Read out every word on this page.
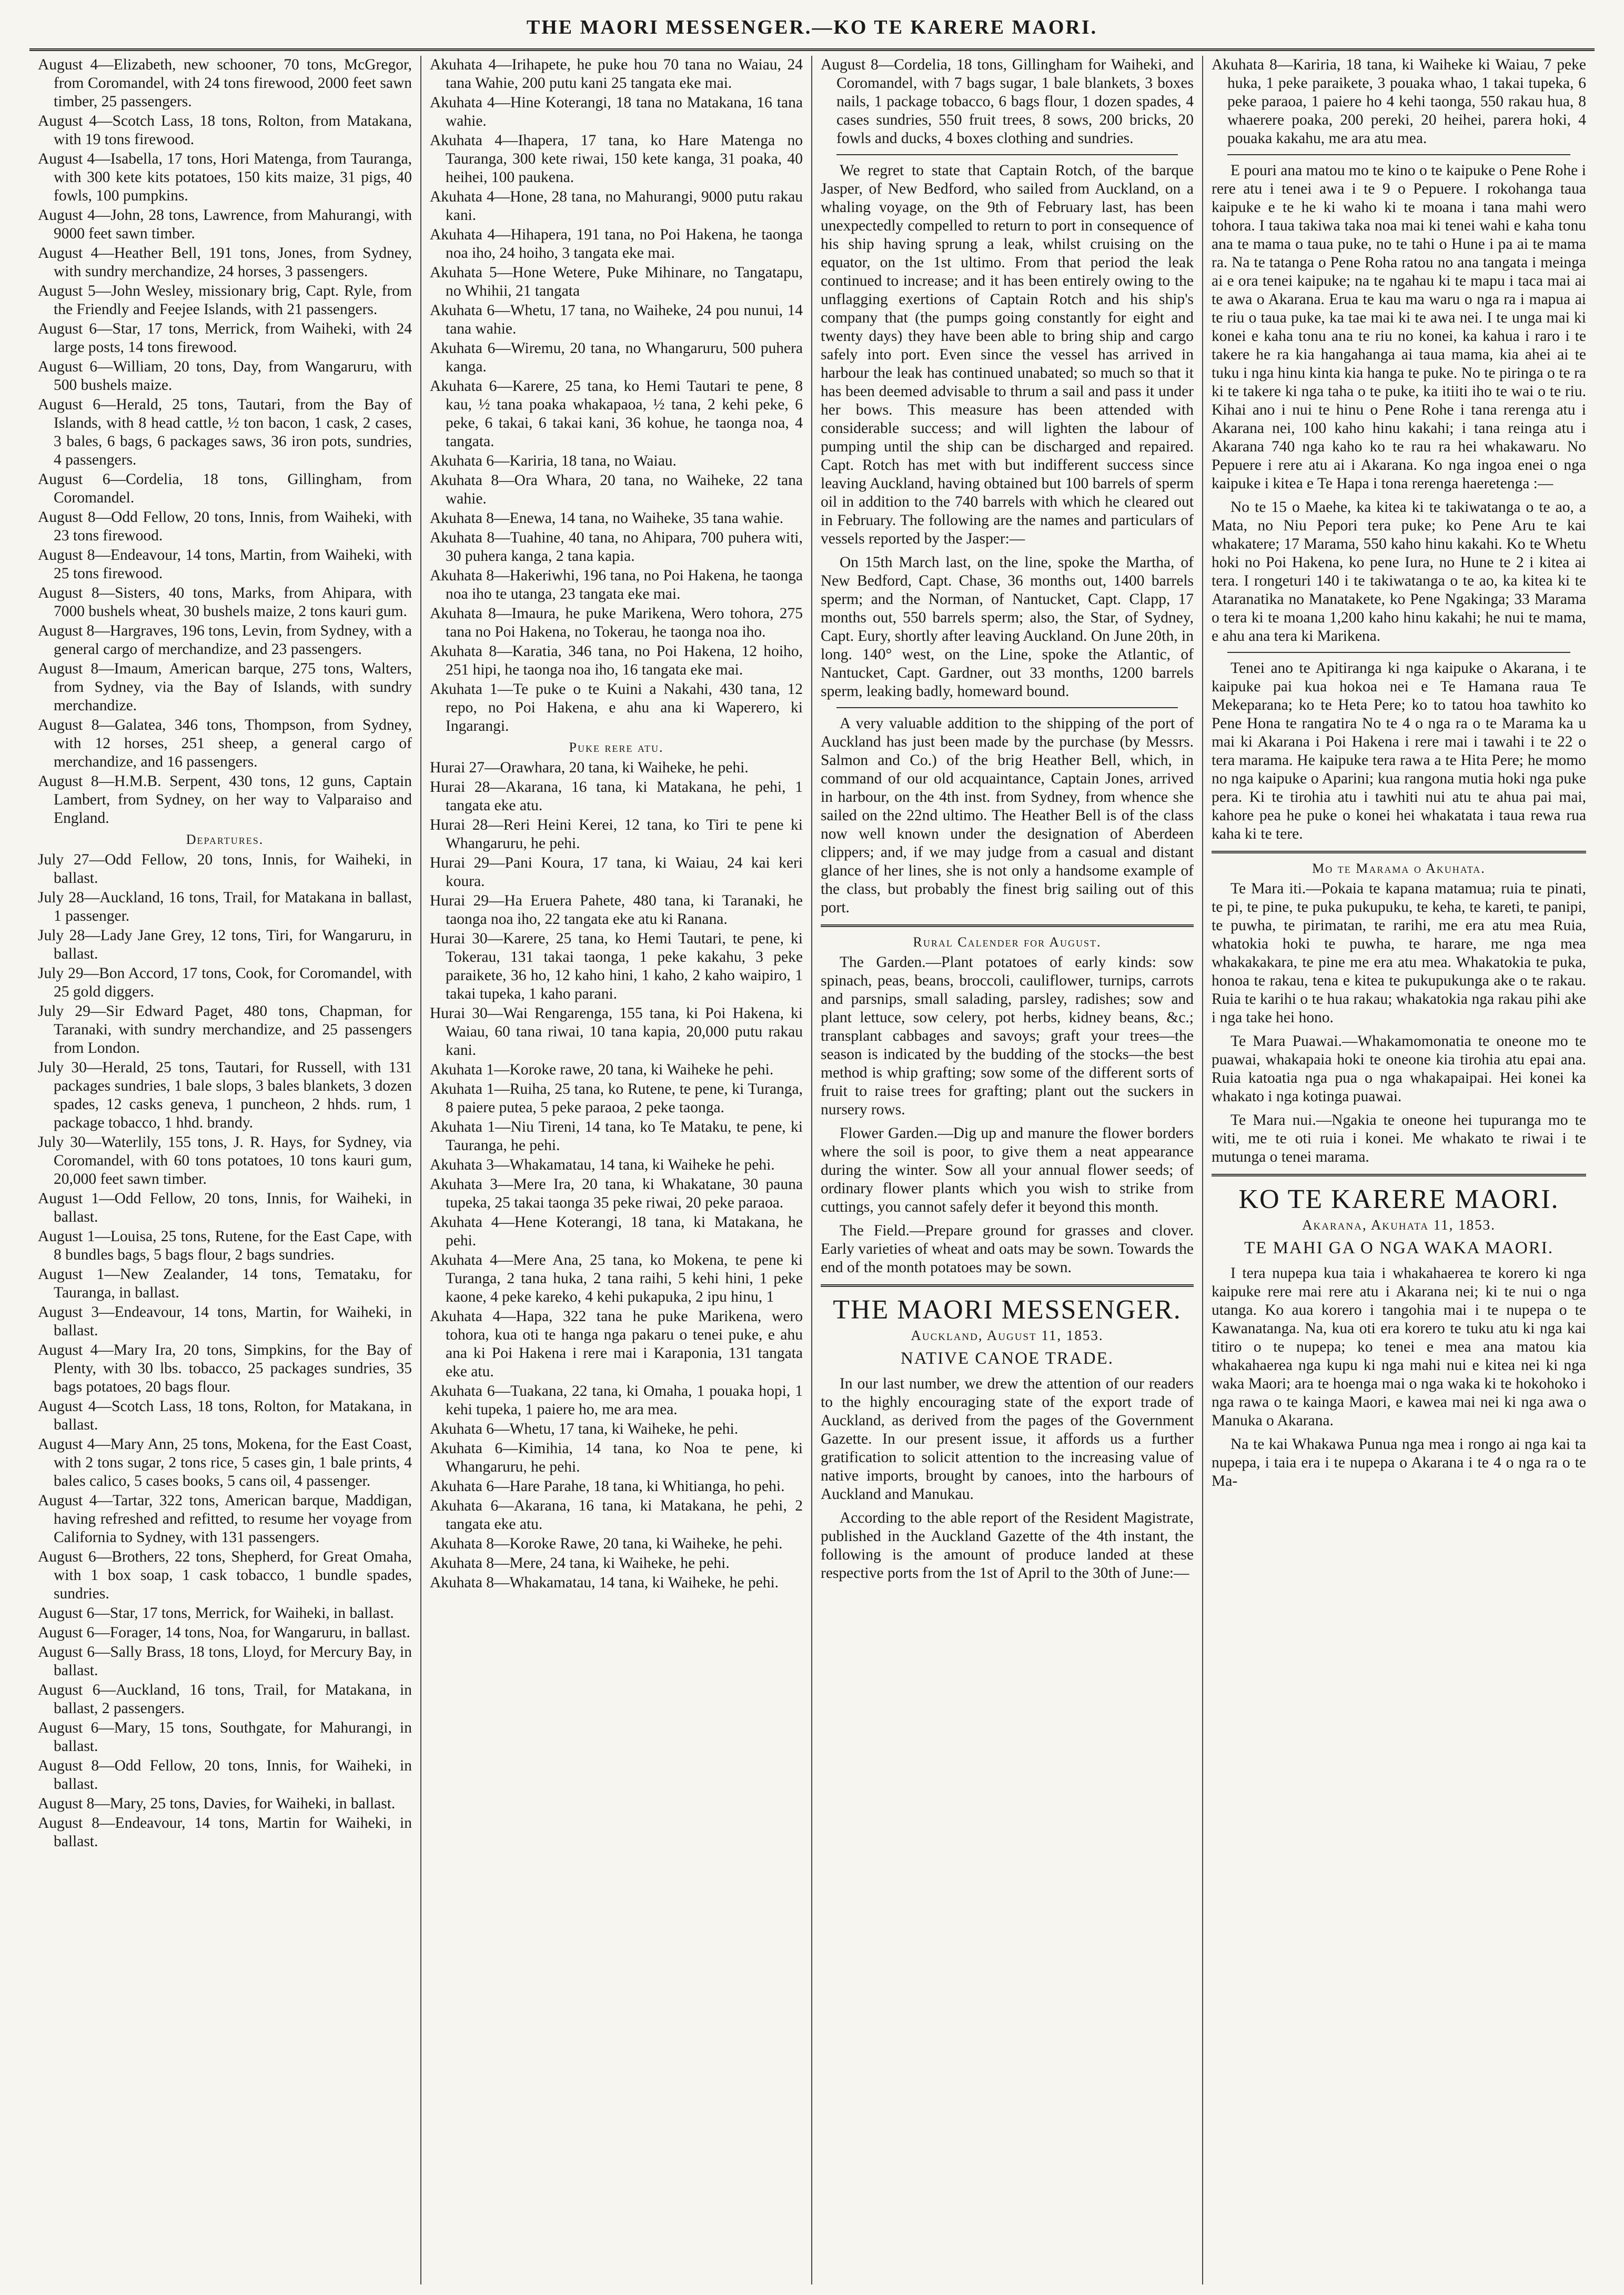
THE MAORI MESSENGER.—KO TE KARERE MAORI.

August 4—Elizabeth, new schooner, 70 tons, McGregor, from Coromandel, with 24 tons firewood, 2000 feet sawn timber, 25 passengers.

August 4—Scotch Lass, 18 tons, Rolton, from Matakana, with 19 tons firewood.

August 4—Isabella, 17 tons, Hori Matenga, from Tauranga, with 300 kete kits potatoes, 150 kits maize, 31 pigs, 40 fowls, 100 pumpkins.

August 4—John, 28 tons, Lawrence, from Mahurangi, with 9000 feet sawn timber.

August 4—Heather Bell, 191 tons, Jones, from Sydney, with sundry merchandize, 24 horses, 3 passengers.

August 5—John Wesley, missionary brig, Capt. Ryle, from the Friendly and Feejee Islands, with 21 passengers.

August 6—Star, 17 tons, Merrick, from Waiheki, with 24 large posts, 14 tons firewood.

August 6—William, 20 tons, Day, from Wangaruru, with 500 bushels maize.

August 6—Herald, 25 tons, Tautari, from the Bay of Islands, with 8 head cattle, ½ ton bacon, 1 cask, 2 cases, 3 bales, 6 bags, 6 packages saws, 36 iron pots, sundries, 4 passengers.

August 6—Cordelia, 18 tons, Gillingham, from Coromandel.

August 8—Odd Fellow, 20 tons, Innis, from Waiheki, with 23 tons firewood.

August 8—Endeavour, 14 tons, Martin, from Waiheki, with 25 tons firewood.

August 8—Sisters, 40 tons, Marks, from Ahipara, with 7000 bushels wheat, 30 bushels maize, 2 tons kauri gum.

August 8—Hargraves, 196 tons, Levin, from Sydney, with a general cargo of merchandize, and 23 passengers.

August 8—Imaum, American barque, 275 tons, Walters, from Sydney, via the Bay of Islands, with sundry merchandize.

August 8—Galatea, 346 tons, Thompson, from Sydney, with 12 horses, 251 sheep, a general cargo of merchandize, and 16 passengers.

August 8—H.M.B. Serpent, 430 tons, 12 guns, Captain Lambert, from Sydney, on her way to Valparaiso and England.

Departures.

July 27—Odd Fellow, 20 tons, Innis, for Waiheki, in ballast.

July 28—Auckland, 16 tons, Trail, for Matakana in ballast, 1 passenger.

July 28—Lady Jane Grey, 12 tons, Tiri, for Wangaruru, in ballast.

July 29—Bon Accord, 17 tons, Cook, for Coromandel, with 25 gold diggers.

July 29—Sir Edward Paget, 480 tons, Chapman, for Taranaki, with sundry merchandize, and 25 passengers from London.

July 30—Herald, 25 tons, Tautari, for Russell, with 131 packages sundries, 1 bale slops, 3 bales blankets, 3 dozen spades, 12 casks geneva, 1 puncheon, 2 hhds. rum, 1 package tobacco, 1 hhd. brandy.

July 30—Waterlily, 155 tons, J. R. Hays, for Sydney, via Coromandel, with 60 tons potatoes, 10 tons kauri gum, 20,000 feet sawn timber.

August 1—Odd Fellow, 20 tons, Innis, for Waiheki, in ballast.

August 1—Louisa, 25 tons, Rutene, for the East Cape, with 8 bundles bags, 5 bags flour, 2 bags sundries.

August 1—New Zealander, 14 tons, Temataku, for Tauranga, in ballast.

August 3—Endeavour, 14 tons, Martin, for Waiheki, in ballast.

August 4—Mary Ira, 20 tons, Simpkins, for the Bay of Plenty, with 30 lbs. tobacco, 25 packages sundries, 35 bags potatoes, 20 bags flour.

August 4—Scotch Lass, 18 tons, Rolton, for Matakana, in ballast.

August 4—Mary Ann, 25 tons, Mokena, for the East Coast, with 2 tons sugar, 2 tons rice, 5 cases gin, 1 bale prints, 4 bales calico, 5 cases books, 5 cans oil, 4 passenger.

August 4—Tartar, 322 tons, American barque, Maddigan, having refreshed and refitted, to resume her voyage from California to Sydney, with 131 passengers.

August 6—Brothers, 22 tons, Shepherd, for Great Omaha, with 1 box soap, 1 cask tobacco, 1 bundle spades, sundries.

August 6—Star, 17 tons, Merrick, for Waiheki, in ballast.

August 6—Forager, 14 tons, Noa, for Wangaruru, in ballast.

August 6—Sally Brass, 18 tons, Lloyd, for Mercury Bay, in ballast.

August 6—Auckland, 16 tons, Trail, for Matakana, in ballast, 2 passengers.

August 6—Mary, 15 tons, Southgate, for Mahurangi, in ballast.

August 8—Odd Fellow, 20 tons, Innis, for Waiheki, in ballast.

August 8—Mary, 25 tons, Davies, for Waiheki, in ballast.

August 8—Endeavour, 14 tons, Martin for Waiheki, in ballast.

Akuhata 4—Irihapete, he puke hou 70 tana no Waiau, 24 tana Wahie, 200 putu kani 25 tangata eke mai.

Akuhata 4—Hine Koterangi, 18 tana no Matakana, 16 tana wahie.

Akuhata 4—Ihapera, 17 tana, ko Hare Matenga no Tauranga, 300 kete riwai, 150 kete kanga, 31 poaka, 40 heihei, 100 paukena.

Akuhata 4—Hone, 28 tana, no Mahurangi, 9000 putu rakau kani.

Akuhata 4—Hihapera, 191 tana, no Poi Hakena, he taonga noa iho, 24 hoiho, 3 tangata eke mai.

Akuhata 5—Hone Wetere, Puke Mihinare, no Tangatapu, no Whihii, 21 tangata

Akuhata 6—Whetu, 17 tana, no Waiheke, 24 pou nunui, 14 tana wahie.

Akuhata 6—Wiremu, 20 tana, no Whangaruru, 500 puhera kanga.

Akuhata 6—Karere, 25 tana, ko Hemi Tautari te pene, 8 kau, ½ tana poaka whakapaoa, ½ tana, 2 kehi peke, 6 peke, 6 takai, 6 takai kani, 36 kohue, he taonga noa, 4 tangata.

Akuhata 6—Kariria, 18 tana, no Waiau.

Akuhata 8—Ora Whara, 20 tana, no Waiheke, 22 tana wahie.

Akuhata 8—Enewa, 14 tana, no Waiheke, 35 tana wahie.

Akuhata 8—Tuahine, 40 tana, no Ahipara, 700 puhera witi, 30 puhera kanga, 2 tana kapia.

Akuhata 8—Hakeriwhi, 196 tana, no Poi Hakena, he taonga noa iho te utanga, 23 tangata eke mai.

Akuhata 8—Imaura, he puke Marikena, Wero tohora, 275 tana no Poi Hakena, no Tokerau, he taonga noa iho.

Akuhata 8—Karatia, 346 tana, no Poi Hakena, 12 hoiho, 251 hipi, he taonga noa iho, 16 tangata eke mai.

Akuhata 1—Te puke o te Kuini a Nakahi, 430 tana, 12 repo, no Poi Hakena, e ahu ana ki Waperero, ki Ingarangi.

Puke rere atu.

Hurai 27—Orawhara, 20 tana, ki Waiheke, he pehi.

Hurai 28—Akarana, 16 tana, ki Matakana, he pehi, 1 tangata eke atu.

Hurai 28—Reri Heini Kerei, 12 tana, ko Tiri te pene ki Whangaruru, he pehi.

Hurai 29—Pani Koura, 17 tana, ki Waiau, 24 kai keri koura.

Hurai 29—Ha Eruera Pahete, 480 tana, ki Taranaki, he taonga noa iho, 22 tangata eke atu ki Ranana.

Hurai 30—Karere, 25 tana, ko Hemi Tautari, te pene, ki Tokerau, 131 takai taonga, 1 peke kakahu, 3 peke paraikete, 36 ho, 12 kaho hini, 1 kaho, 2 kaho waipiro, 1 takai tupeka, 1 kaho parani.

Hurai 30—Wai Rengarenga, 155 tana, ki Poi Hakena, ki Waiau, 60 tana riwai, 10 tana kapia, 20,000 putu rakau kani.

Akuhata 1—Koroke rawe, 20 tana, ki Waiheke he pehi.

Akuhata 1—Ruiha, 25 tana, ko Rutene, te pene, ki Turanga, 8 paiere putea, 5 peke paraoa, 2 peke taonga.

Akuhata 1—Niu Tireni, 14 tana, ko Te Mataku, te pene, ki Tauranga, he pehi.

Akuhata 3—Whakamatau, 14 tana, ki Waiheke he pehi.

Akuhata 3—Mere Ira, 20 tana, ki Whakatane, 30 pauna tupeka, 25 takai taonga 35 peke riwai, 20 peke paraoa.

Akuhata 4—Hene Koterangi, 18 tana, ki Matakana, he pehi.

Akuhata 4—Mere Ana, 25 tana, ko Mokena, te pene ki Turanga, 2 tana huka, 2 tana raihi, 5 kehi hini, 1 peke kaone, 4 peke kareko, 4 kehi pukapuka, 2 ipu hinu, 1

Akuhata 4—Hapa, 322 tana he puke Marikena, wero tohora, kua oti te hanga nga pakaru o tenei puke, e ahu ana ki Poi Hakena i rere mai i Karaponia, 131 tangata eke atu.

Akuhata 6—Tuakana, 22 tana, ki Omaha, 1 pouaka hopi, 1 kehi tupeka, 1 paiere ho, me ara mea.

Akuhata 6—Whetu, 17 tana, ki Waiheke, he pehi.

Akuhata 6—Kimihia, 14 tana, ko Noa te pene, ki Whangaruru, he pehi.

Akuhata 6—Hare Parahe, 18 tana, ki Whitianga, ho pehi.

Akuhata 6—Akarana, 16 tana, ki Matakana, he pehi, 2 tangata eke atu.

Akuhata 8—Koroke Rawe, 20 tana, ki Waiheke, he pehi.

Akuhata 8—Mere, 24 tana, ki Waiheke, he pehi.

Akuhata 8—Whakamatau, 14 tana, ki Waiheke, he pehi.

August 8—Cordelia, 18 tons, Gillingham for Waiheki, and Coromandel, with 7 bags sugar, 1 bale blankets, 3 boxes nails, 1 package tobacco, 6 bags flour, 1 dozen spades, 4 cases sundries, 550 fruit trees, 8 sows, 200 bricks, 20 fowls and ducks, 4 boxes clothing and sundries.

We regret to state that Captain Rotch, of the barque Jasper, of New Bedford, who sailed from Auckland, on a whaling voyage, on the 9th of February last, has been unexpectedly compelled to return to port in consequence of his ship having sprung a leak, whilst cruising on the equator, on the 1st ultimo. From that period the leak continued to increase; and it has been entirely owing to the unflagging exertions of Captain Rotch and his ship's company that (the pumps going constantly for eight and twenty days) they have been able to bring ship and cargo safely into port. Even since the vessel has arrived in harbour the leak has continued unabated; so much so that it has been deemed advisable to thrum a sail and pass it under her bows. This measure has been attended with considerable success; and will lighten the labour of pumping until the ship can be discharged and repaired. Capt. Rotch has met with but indifferent success since leaving Auckland, having obtained but 100 barrels of sperm oil in addition to the 740 barrels with which he cleared out in February. The following are the names and particulars of vessels reported by the Jasper:—

On 15th March last, on the line, spoke the Martha, of New Bedford, Capt. Chase, 36 months out, 1400 barrels sperm; and the Norman, of Nantucket, Capt. Clapp, 17 months out, 550 barrels sperm; also, the Star, of Sydney, Capt. Eury, shortly after leaving Auckland. On June 20th, in long. 140° west, on the Line, spoke the Atlantic, of Nantucket, Capt. Gardner, out 33 months, 1200 barrels sperm, leaking badly, homeward bound.

A very valuable addition to the shipping of the port of Auckland has just been made by the purchase (by Messrs. Salmon and Co.) of the brig Heather Bell, which, in command of our old acquaintance, Captain Jones, arrived in harbour, on the 4th inst. from Sydney, from whence she sailed on the 22nd ultimo. The Heather Bell is of the class now well known under the designation of Aberdeen clippers; and, if we may judge from a casual and distant glance of her lines, she is not only a handsome example of the class, but probably the finest brig sailing out of this port.

Rural Calender for August.

The Garden.—Plant potatoes of early kinds: sow spinach, peas, beans, broccoli, cauliflower, turnips, carrots and parsnips, small salading, parsley, radishes; sow and plant lettuce, sow celery, pot herbs, kidney beans, &c.; transplant cabbages and savoys; graft your trees—the season is indicated by the budding of the stocks—the best method is whip grafting; sow some of the different sorts of fruit to raise trees for grafting; plant out the suckers in nursery rows.

Flower Garden.—Dig up and manure the flower borders where the soil is poor, to give them a neat appearance during the winter. Sow all your annual flower seeds; of ordinary flower plants which you wish to strike from cuttings, you cannot safely defer it beyond this month.

The Field.—Prepare ground for grasses and clover. Early varieties of wheat and oats may be sown. Towards the end of the month potatoes may be sown.

THE MAORI MESSENGER.
Auckland, August 11, 1853.
NATIVE CANOE TRADE.

In our last number, we drew the attention of our readers to the highly encouraging state of the export trade of Auckland, as derived from the pages of the Government Gazette. In our present issue, it affords us a further gratification to solicit attention to the increasing value of native imports, brought by canoes, into the harbours of Auckland and Manukau.

According to the able report of the Resident Magistrate, published in the Auckland Gazette of the 4th instant, the following is the amount of produce landed at these respective ports from the 1st of April to the 30th of June:—

Akuhata 8—Kariria, 18 tana, ki Waiheke ki Waiau, 7 peke huka, 1 peke paraikete, 3 pouaka whao, 1 takai tupeka, 6 peke paraoa, 1 paiere ho 4 kehi taonga, 550 rakau hua, 8 whaerere poaka, 200 pereki, 20 heihei, parera hoki, 4 pouaka kakahu, me ara atu mea.

E pouri ana matou mo te kino o te kaipuke o Pene Rohe i rere atu i tenei awa i te 9 o Pepuere. I rokohanga taua kaipuke e te he ki waho ki te moana i tana mahi wero tohora. I taua takiwa taka noa mai ki tenei wahi e kaha tonu ana te mama o taua puke, no te tahi o Hune i pa ai te mama ra. Na te tatanga o Pene Roha ratou no ana tangata i meinga ai e ora tenei kaipuke; na te ngahau ki te mapu i taca mai ai te awa o Akarana. Erua te kau ma waru o nga ra i mapua ai te riu o taua puke, ka tae mai ki te awa nei. I te unga mai ki konei e kaha tonu ana te riu no konei, ka kahua i raro i te takere he ra kia hangahanga ai taua mama, kia ahei ai te tuku i nga hinu kinta kia hanga te puke. No te piringa o te ra ki te takere ki nga taha o te puke, ka itiiti iho te wai o te riu. Kihai ano i nui te hinu o Pene Rohe i tana rerenga atu i Akarana nei, 100 kaho hinu kakahi; i tana reinga atu i Akarana 740 nga kaho ko te rau ra hei whakawaru. No Pepuere i rere atu ai i Akarana. Ko nga ingoa enei o nga kaipuke i kitea e Te Hapa i tona rerenga haeretenga :—

No te 15 o Maehe, ka kitea ki te takiwatanga o te ao, a Mata, no Niu Pepori tera puke; ko Pene Aru te kai whakatere; 17 Marama, 550 kaho hinu kakahi. Ko te Whetu hoki no Poi Hakena, ko pene Iura, no Hune te 2 i kitea ai tera. I rongeturi 140 i te takiwatanga o te ao, ka kitea ki te Ataranatika no Manatakete, ko Pene Ngakinga; 33 Marama o tera ki te moana 1,200 kaho hinu kakahi; he nui te mama, e ahu ana tera ki Marikena.

Tenei ano te Apitiranga ki nga kaipuke o Akarana, i te kaipuke pai kua hokoa nei e Te Hamana raua Te Mekeparana; ko te Heta Pere; ko to tatou hoa tawhito ko Pene Hona te rangatira No te 4 o nga ra o te Marama ka u mai ki Akarana i Poi Hakena i rere mai i tawahi i te 22 o tera marama. He kaipuke tera rawa a te Hita Pere; he momo no nga kaipuke o Aparini; kua rangona mutia hoki nga puke pera. Ki te tirohia atu i tawhiti nui atu te ahua pai mai, kahore pea he puke o konei hei whakatata i taua rewa rua kaha ki te tere.

Mo te Marama o Akuhata.

Te Mara iti.—Pokaia te kapana matamua; ruia te pinati, te pi, te pine, te puka pukupuku, te keha, te kareti, te panipi, te puwha, te pirimatan, te rarihi, me era atu mea Ruia, whatokia hoki te puwha, te harare, me nga mea whakakakara, te pine me era atu mea. Whakatokia te puka, honoa te rakau, tena e kitea te pukupukunga ake o te rakau. Ruia te karihi o te hua rakau; whakatokia nga rakau pihi ake i nga take hei hono.

Te Mara Puawai.—Whakamomonatia te oneone mo te puawai, whakapaia hoki te oneone kia tirohia atu epai ana. Ruia katoatia nga pua o nga whakapaipai. Hei konei ka whakato i nga kotinga puawai.

Te Mara nui.—Ngakia te oneone hei tupuranga mo te witi, me te oti ruia i konei. Me whakato te riwai i te mutunga o tenei marama.

KO TE KARERE MAORI.
Akarana, Akuhata 11, 1853.
TE MAHI GA O NGA WAKA MAORI.

I tera nupepa kua taia i whakahaerea te korero ki nga kaipuke rere mai rere atu i Akarana nei; ki te nui o nga utanga. Ko aua korero i tangohia mai i te nupepa o te Kawanatanga. Na, kua oti era korero te tuku atu ki nga kai titiro o te nupepa; ko tenei e mea ana matou kia whakahaerea nga kupu ki nga mahi nui e kitea nei ki nga waka Maori; ara te hoenga mai o nga waka ki te hokohoko i nga rawa o te kainga Maori, e kawea mai nei ki nga awa o Manuka o Akarana.

Na te kai Whakawa Punua nga mea i rongo ai nga kai ta nupepa, i taia era i te nupepa o Akarana i te 4 o nga ra o te Ma-
